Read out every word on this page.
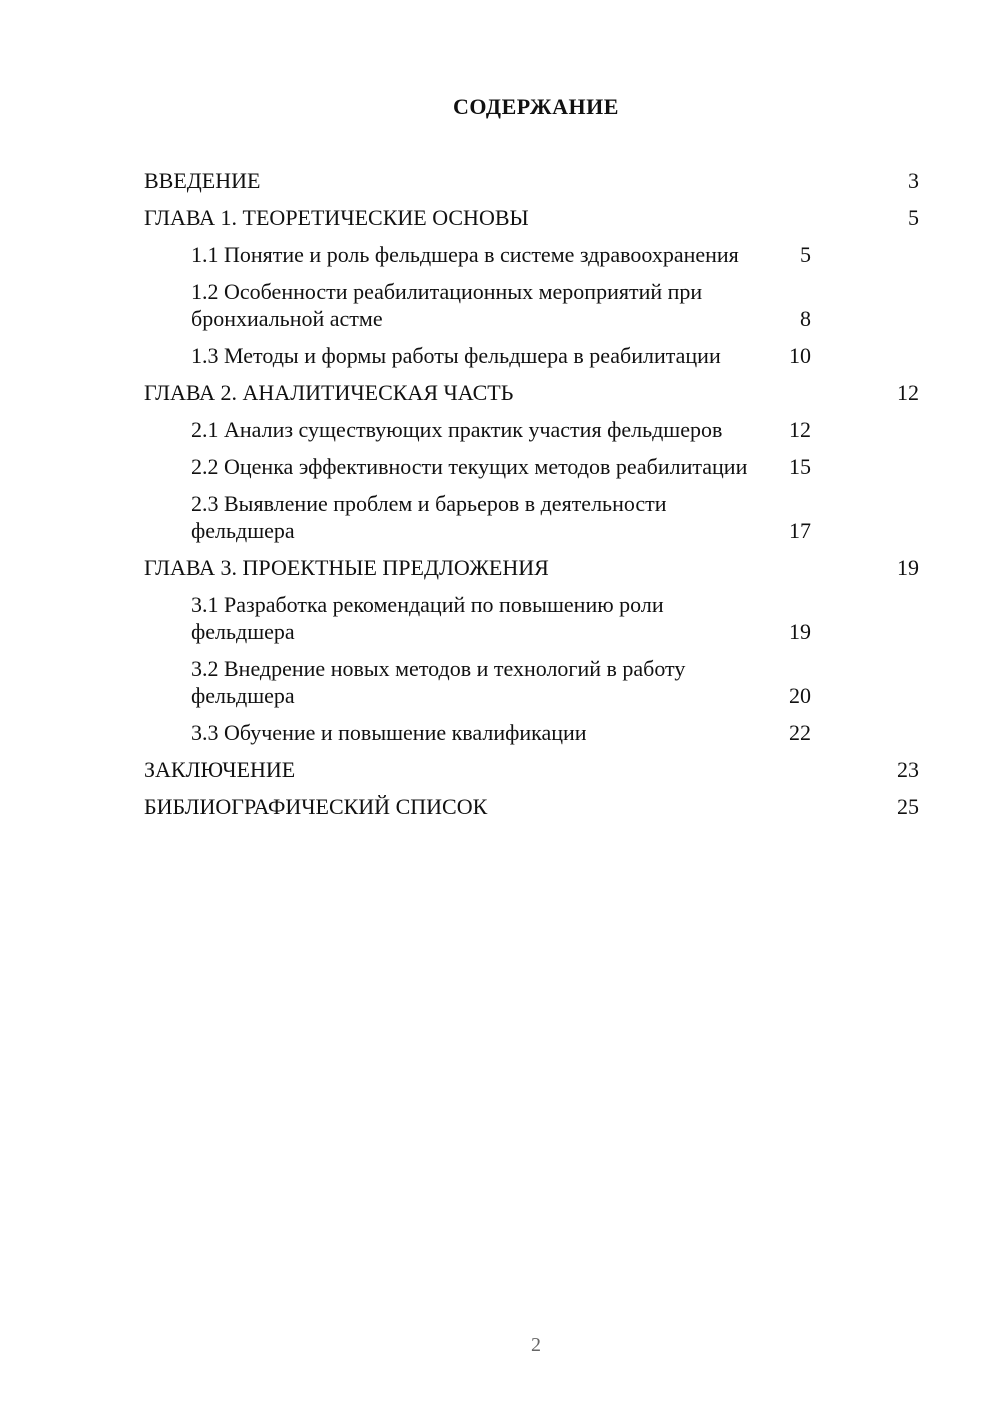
СОДЕРЖАНИЕ
ВВЕДЕНИЕ	3
ГЛАВА 1. ТЕОРЕТИЧЕСКИЕ ОСНОВЫ	5
1.1 Понятие и роль фельдшера в системе здравоохранения	5
1.2 Особенности реабилитационных мероприятий при
бронхиальной астме	8
1.3 Методы и формы работы фельдшера в реабилитации	10
ГЛАВА 2. АНАЛИТИЧЕСКАЯ ЧАСТЬ	12
2.1 Анализ существующих практик участия фельдшеров	12
2.2 Оценка эффективности текущих методов реабилитации	15
2.3 Выявление проблем и барьеров в деятельности
фельдшера	17
ГЛАВА 3. ПРОЕКТНЫЕ ПРЕДЛОЖЕНИЯ	19
3.1 Разработка рекомендаций по повышению роли
фельдшера	19
3.2 Внедрение новых методов и технологий в работу
фельдшера	20
3.3 Обучение и повышение квалификации	22
ЗАКЛЮЧЕНИЕ	23
БИБЛИОГРАФИЧЕСКИЙ СПИСОК	25
2
